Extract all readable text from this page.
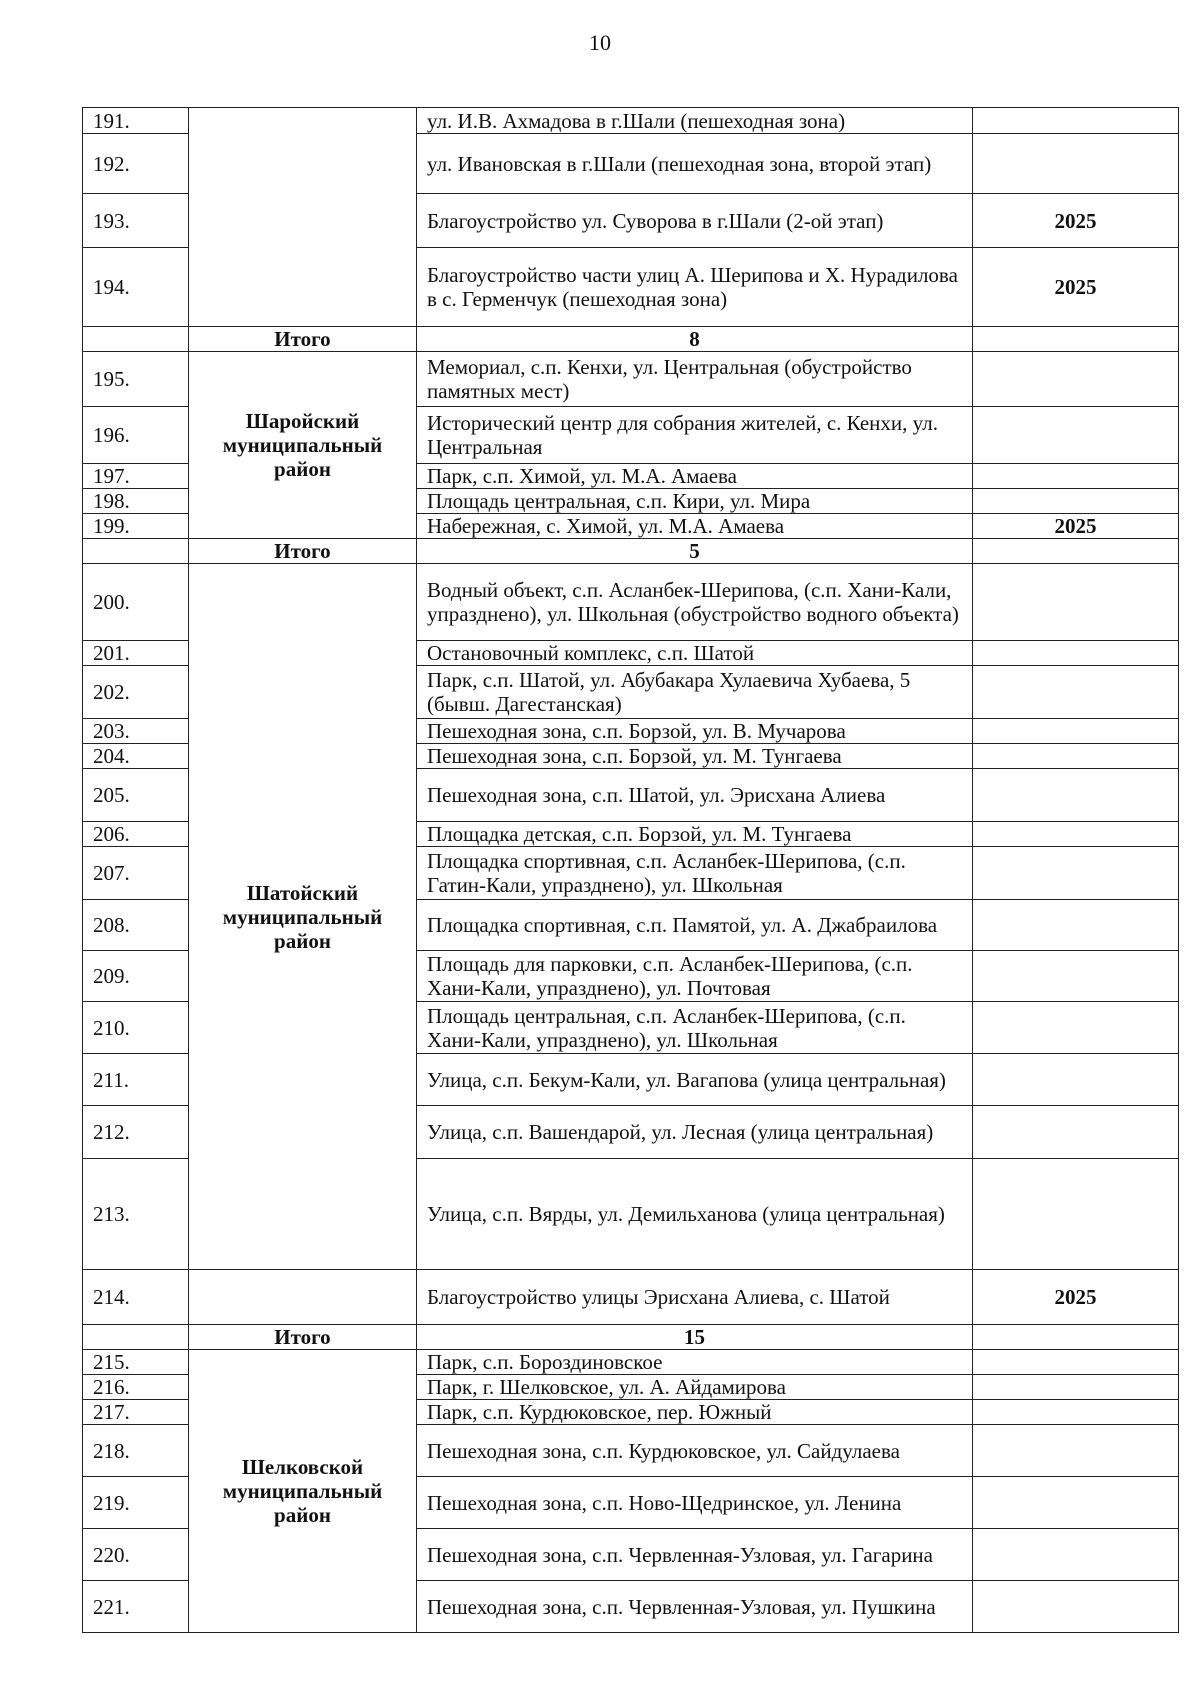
10
191.		ул. И.В. Ахмадова в г.Шали (пешеходная зона)	
192.		ул. Ивановская в г.Шали (пешеходная зона, второй этап)	
193.		Благоустройство ул. Суворова в г.Шали (2-ой этап)	2025
194.		Благоустройство части улиц А. Шерипова и Х. Нурадилова в с. Герменчук (пешеходная зона)	2025
	Итого	8	
195.	Шаройский муниципальный район	Мемориал, с.п. Кенхи, ул. Центральная (обустройство памятных мест)	
196.		Исторический центр для собрания жителей, с. Кенхи, ул. Центральная	
197.		Парк, с.п. Химой, ул. М.А. Амаева	
198.		Площадь центральная, с.п. Кири, ул. Мира	
199.		Набережная, с. Химой, ул. М.А. Амаева	2025
	Итого	5	
200.	Шатойский муниципальный район	Водный объект, с.п. Асланбек-Шерипова, (с.п. Хани-Кали, упразднено), ул. Школьная (обустройство водного объекта)	
201.		Остановочный комплекс, с.п. Шатой	
202.		Парк, с.п. Шатой, ул. Абубакара Хулаевича Хубаева, 5 (бывш. Дагестанская)	
203.		Пешеходная зона, с.п. Борзой, ул. В. Мучарова	
204.		Пешеходная зона, с.п. Борзой, ул. М. Тунгаева	
205.		Пешеходная зона, с.п. Шатой, ул. Эрисхана Алиева	
206.		Площадка детская, с.п. Борзой, ул. М. Тунгаева	
207.		Площадка спортивная, с.п. Асланбек-Шерипова, (с.п. Гатин-Кали, упразднено), ул. Школьная	
208.		Площадка спортивная, с.п. Памятой, ул. А. Джабраилова	
209.		Площадь для парковки, с.п. Асланбек-Шерипова, (с.п. Хани-Кали, упразднено), ул. Почтовая	
210.		Площадь центральная, с.п. Асланбек-Шерипова, (с.п. Хани-Кали, упразднено), ул. Школьная	
211.		Улица, с.п. Бекум-Кали, ул. Вагапова (улица центральная)	
212.		Улица, с.п. Вашендарой, ул. Лесная (улица центральная)	
213.		Улица, с.п. Вярды, ул. Демильханова (улица центральная)	
214.		Благоустройство улицы Эрисхана Алиева, с. Шатой	2025
	Итого	15	
215.	Шелковской муниципальный район	Парк, с.п. Бороздиновское	
216.		Парк, г. Шелковское, ул. А. Айдамирова	
217.		Парк, с.п. Курдюковское, пер. Южный	
218.		Пешеходная зона, с.п. Курдюковское, ул. Сайдулаева	
219.		Пешеходная зона, с.п. Ново-Щедринское, ул. Ленина	
220.		Пешеходная зона, с.п. Червленная-Узловая, ул. Гагарина	
221.		Пешеходная зона, с.п. Червленная-Узловая, ул. Пушкина	
